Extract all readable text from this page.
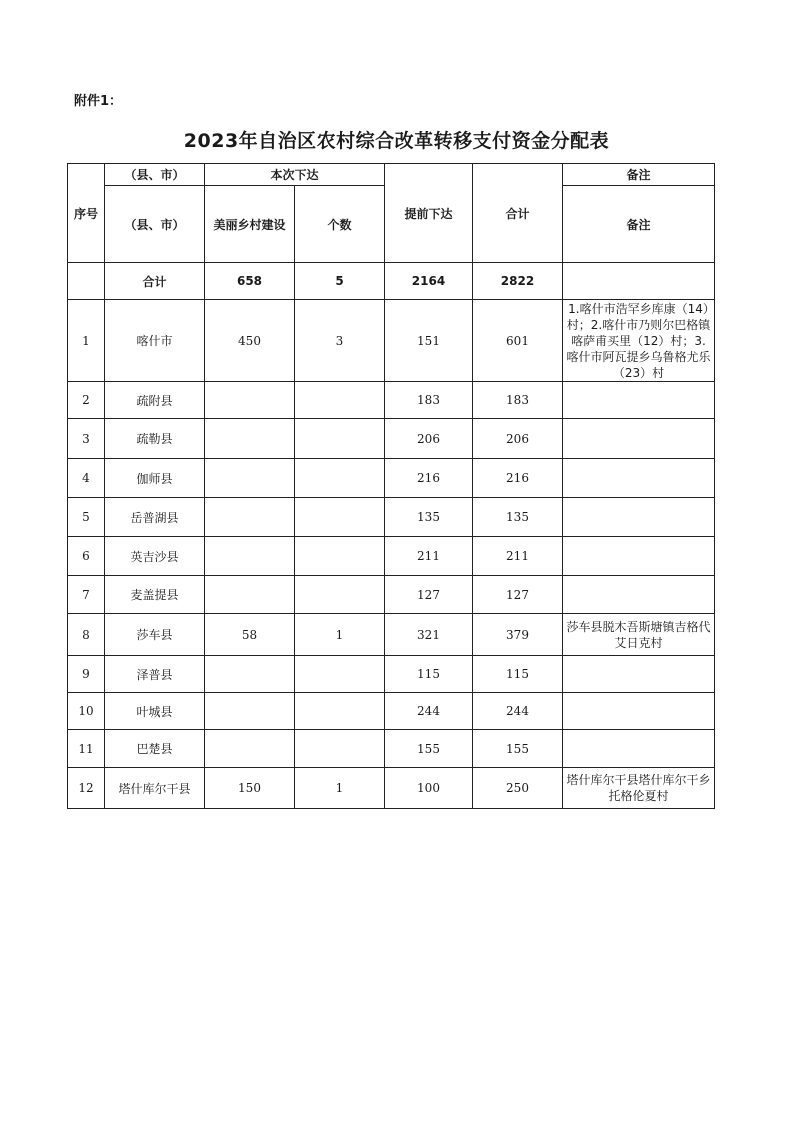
附件1：
2023年自治区农村综合改革转移支付资金分配表
序号	（县、市）	本次下达		提前下达	合计	备注
	（县、市）	美丽乡村建设	个数			备注
	合计	658	5	2164	2822	
1	喀什市	450	3	151	601	1.喀什市浩罕乡库康（14）村；2.喀什市乃则尔巴格镇喀萨甫买里（12）村；3.喀什市阿瓦提乡乌鲁格尤乐（23）村
2	疏附县			183	183	
3	疏勒县			206	206	
4	伽师县			216	216	
5	岳普湖县			135	135	
6	英吉沙县			211	211	
7	麦盖提县			127	127	
8	莎车县	58	1	321	379	莎车县脱木吾斯塘镇吉格代艾日克村
9	泽普县			115	115	
10	叶城县			244	244	
11	巴楚县			155	155	
12	塔什库尔干县	150	1	100	250	塔什库尔干县塔什库尔干乡托格伦夏村
